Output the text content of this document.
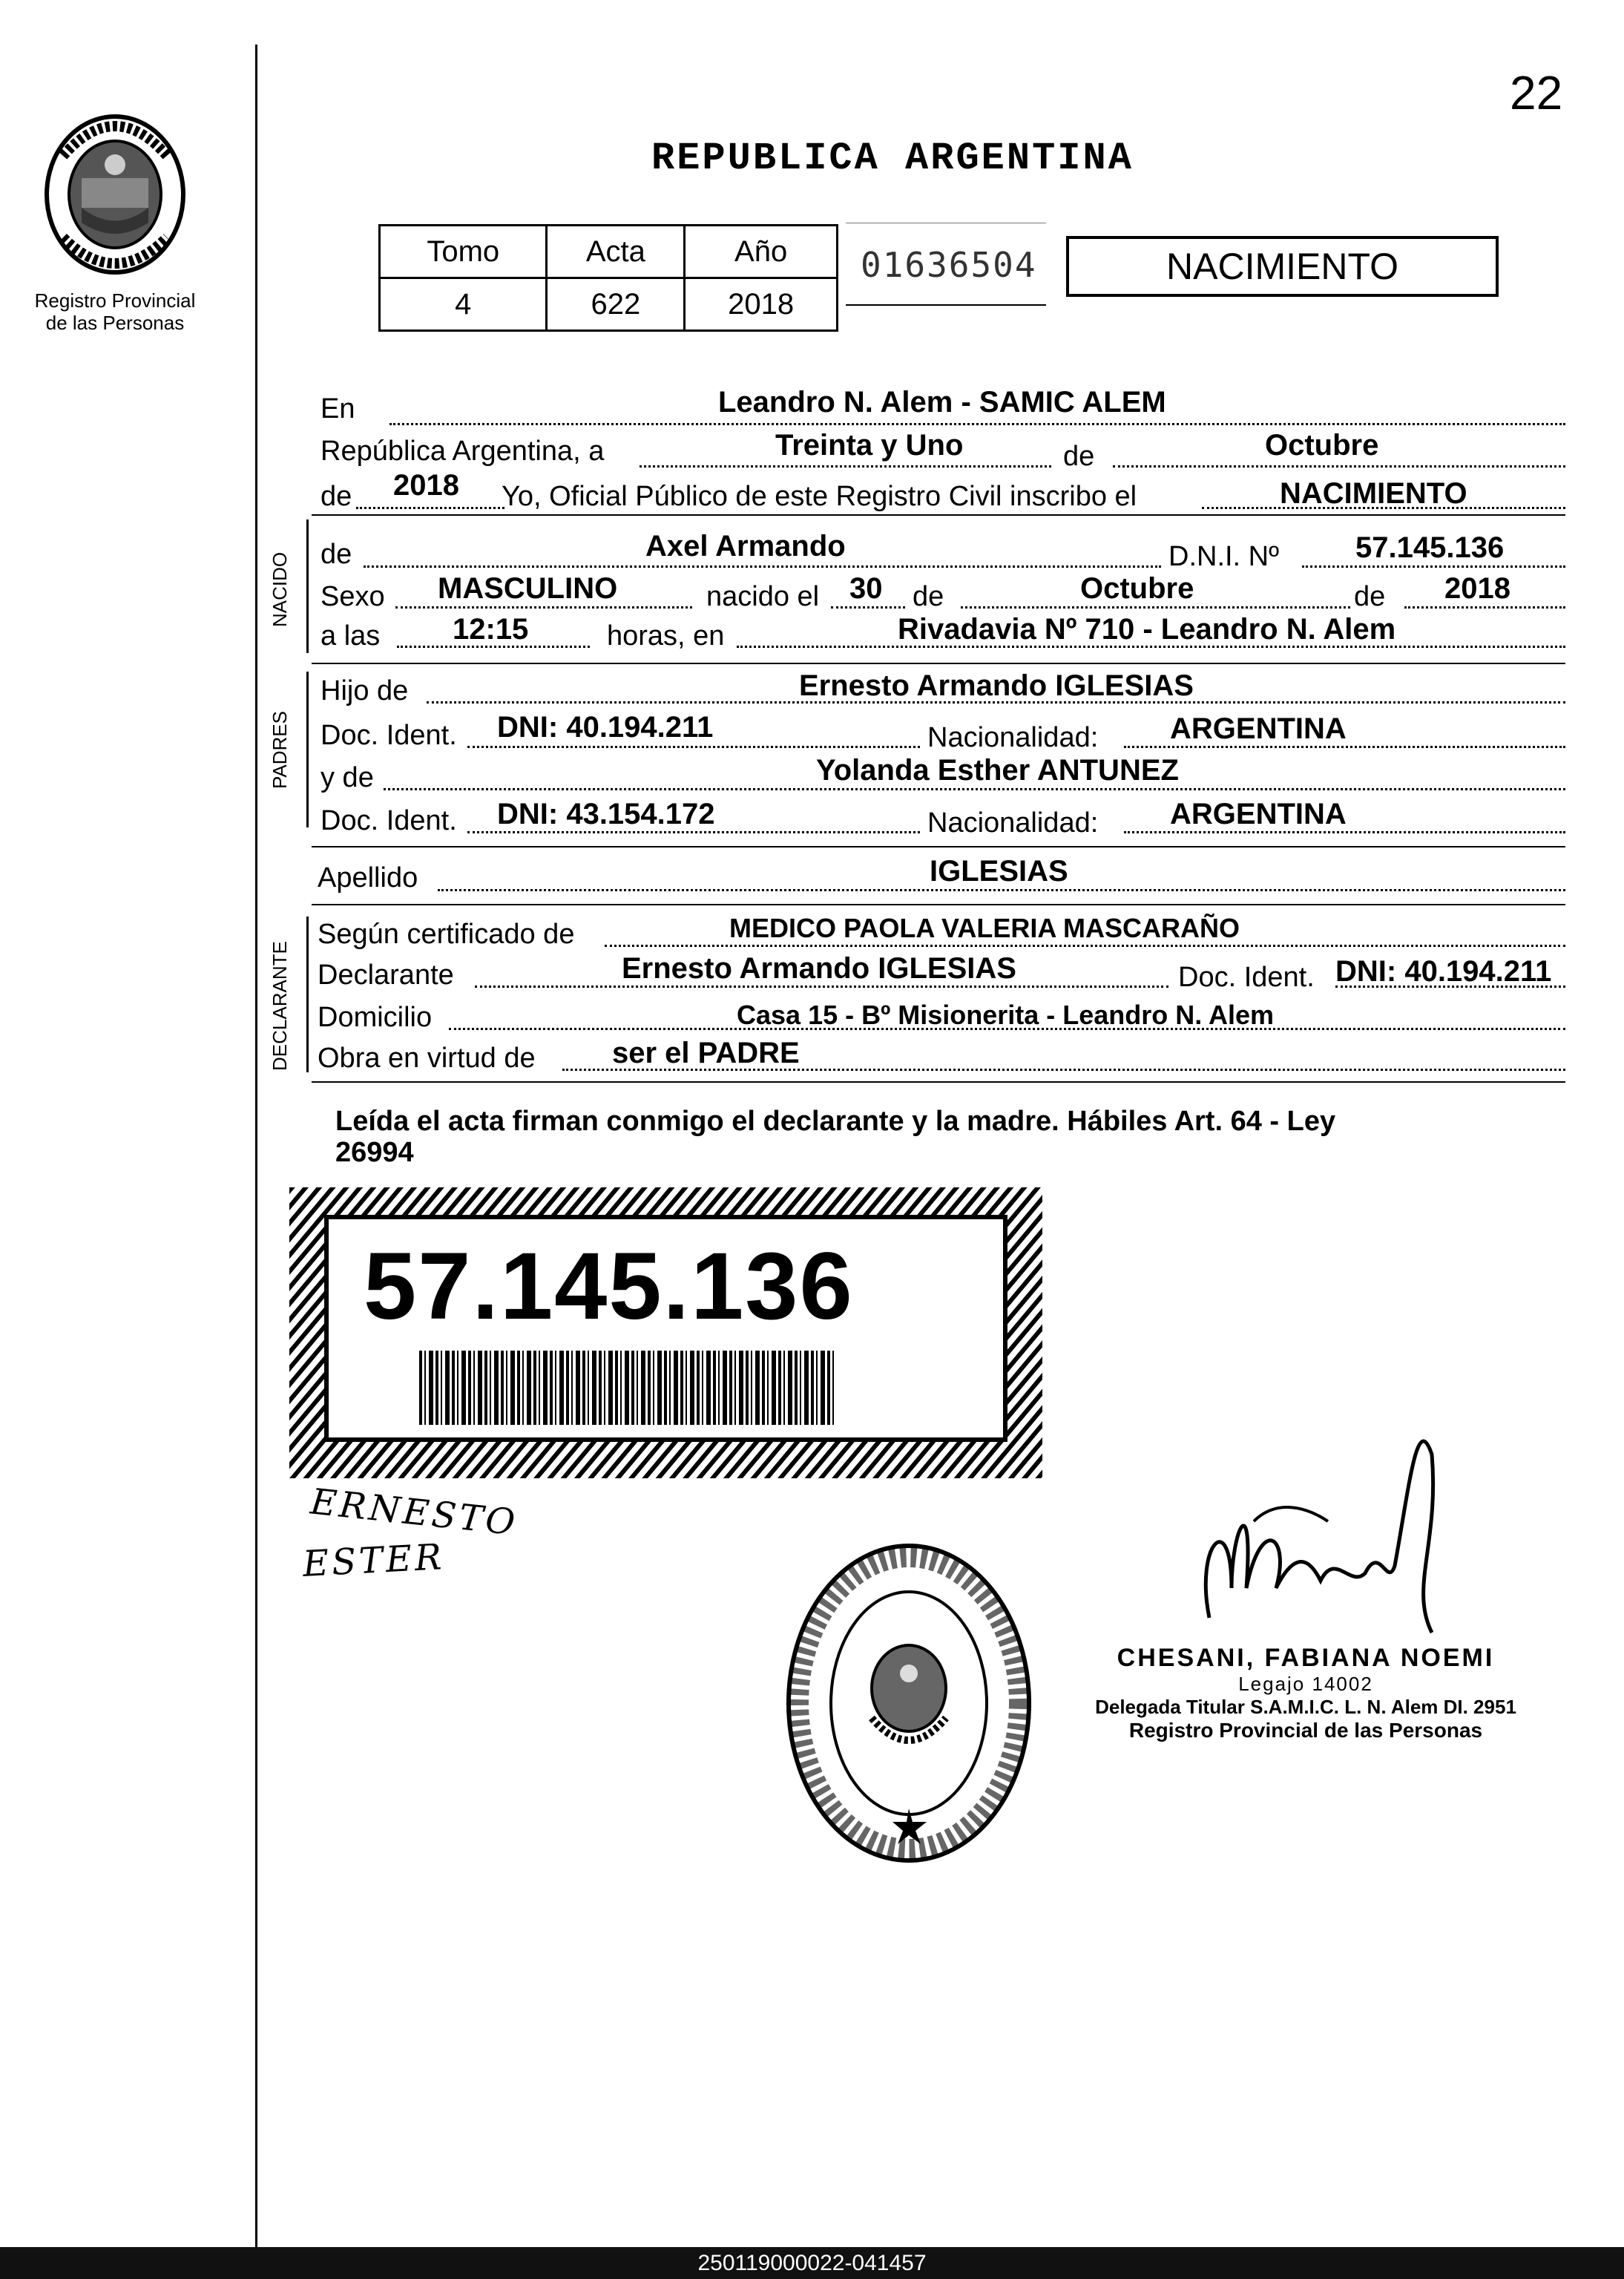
22
Registro Provincial
de las Personas
REPUBLICA ARGENTINA
Tomo	Acta	Año
4	622	2018
01636504	NACIMIENTO
En	Leandro N. Alem - SAMIC ALEM
República Argentina, a	Treinta y Uno	de	Octubre
de 2018 Yo, Oficial Público de este Registro Civil inscribo el	NACIMIENTO
NACIDO de	Axel Armando	D.N.I. Nº	57.145.136
Sexo MASCULINO	nacido el 30 de	Octubre	de 2018
a las 12:15	horas, en	Rivadavia Nº 710 - Leandro N. Alem
PADRES
Hijo de	Ernesto Armando IGLESIAS
Doc. Ident. DNI: 40.194.211	Nacionalidad: ARGENTINA
y de	Yolanda Esther ANTUNEZ
Doc. Ident. DNI: 43.154.172	Nacionalidad: ARGENTINA
Apellido	IGLESIAS
DECLARANTE
Según certificado de	MEDICO PAOLA VALERIA MASCARAÑO
Declarante	Ernesto Armando IGLESIAS	Doc. Ident. DNI: 40.194.211
Domicilio	Casa 15 - Bº Misionerita - Leandro N. Alem
Obra en virtud de	ser el PADRE
Leída el acta firman conmigo el declarante y la madre. Hábiles Art. 64 - Ley
26994
57.145.136
ERNESTO
ESTER
CHESANI, FABIANA NOEMI
Legajo 14002
Delegada Titular S.A.M.I.C. L. N. Alem DI. 2951
Registro Provincial de las Personas
250119000022-041457
